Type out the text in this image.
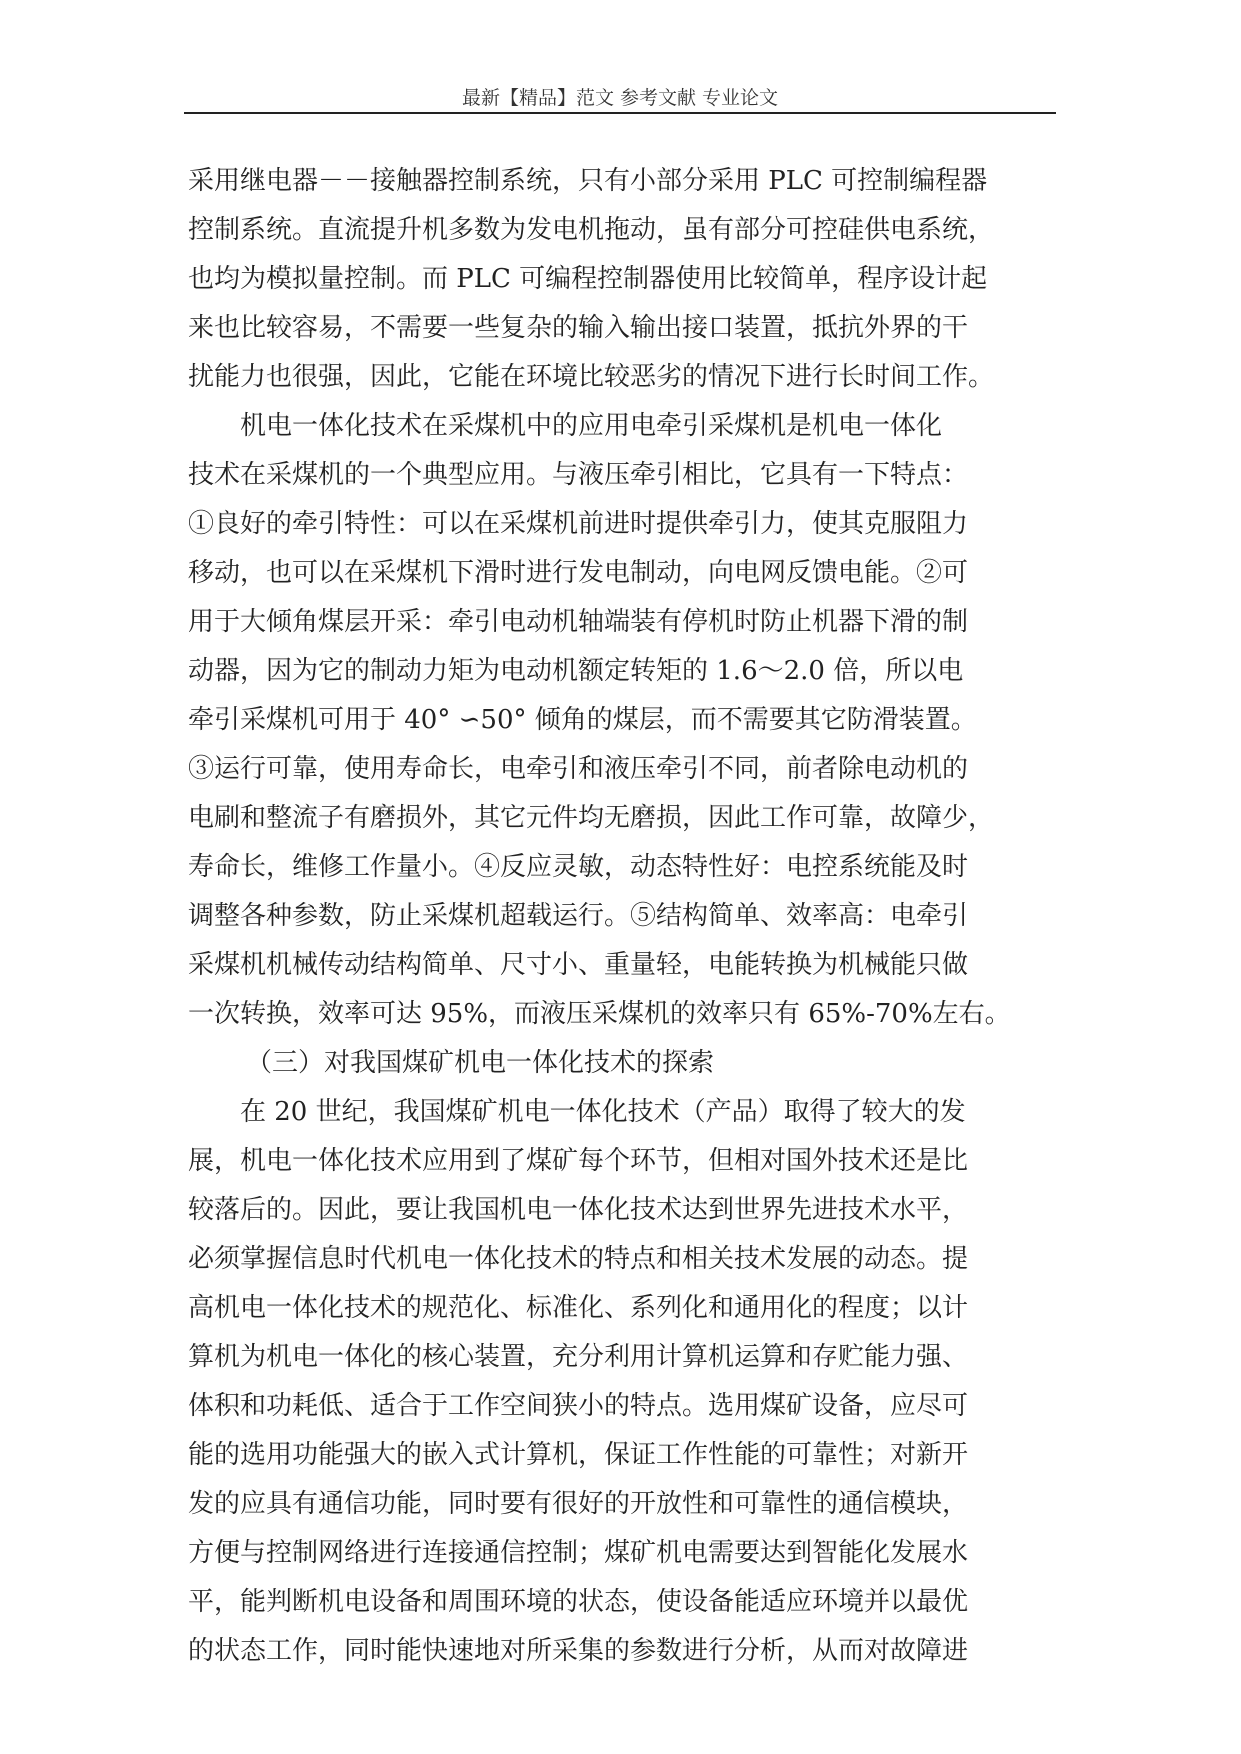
最新【精品】范文 参考文献 专业论文
采用继电器－－接触器控制系统，只有小部分采用 PLC 可控制编程器
控制系统。直流提升机多数为发电机拖动，虽有部分可控硅供电系统，
也均为模拟量控制。而 PLC 可编程控制器使用比较简单，程序设计起
来也比较容易，不需要一些复杂的输入输出接口装置，抵抗外界的干
扰能力也很强，因此，它能在环境比较恶劣的情况下进行长时间工作。
机电一体化技术在采煤机中的应用电牵引采煤机是机电一体化
技术在采煤机的一个典型应用。与液压牵引相比，它具有一下特点：
①良好的牵引特性：可以在采煤机前进时提供牵引力，使其克服阻力
移动，也可以在采煤机下滑时进行发电制动，向电网反馈电能。②可
用于大倾角煤层开采：牵引电动机轴端装有停机时防止机器下滑的制
动器，因为它的制动力矩为电动机额定转矩的 1.6～2.0 倍，所以电
牵引采煤机可用于 40° ∽50° 倾角的煤层，而不需要其它防滑装置。
③运行可靠，使用寿命长，电牵引和液压牵引不同，前者除电动机的
电刷和整流子有磨损外，其它元件均无磨损，因此工作可靠，故障少，
寿命长，维修工作量小。④反应灵敏，动态特性好：电控系统能及时
调整各种参数，防止采煤机超载运行。⑤结构简单、效率高：电牵引
采煤机机械传动结构简单、尺寸小、重量轻，电能转换为机械能只做
一次转换，效率可达 95%，而液压采煤机的效率只有 65%-70%左右。
（三）对我国煤矿机电一体化技术的探索
在 20 世纪，我国煤矿机电一体化技术（产品）取得了较大的发
展，机电一体化技术应用到了煤矿每个环节，但相对国外技术还是比
较落后的。因此，要让我国机电一体化技术达到世界先进技术水平，
必须掌握信息时代机电一体化技术的特点和相关技术发展的动态。提
高机电一体化技术的规范化、标准化、系列化和通用化的程度；以计
算机为机电一体化的核心装置，充分利用计算机运算和存贮能力强、
体积和功耗低、适合于工作空间狭小的特点。选用煤矿设备，应尽可
能的选用功能强大的嵌入式计算机，保证工作性能的可靠性；对新开
发的应具有通信功能，同时要有很好的开放性和可靠性的通信模块，
方便与控制网络进行连接通信控制；煤矿机电需要达到智能化发展水
平，能判断机电设备和周围环境的状态，使设备能适应环境并以最优
的状态工作，同时能快速地对所采集的参数进行分析，从而对故障进
